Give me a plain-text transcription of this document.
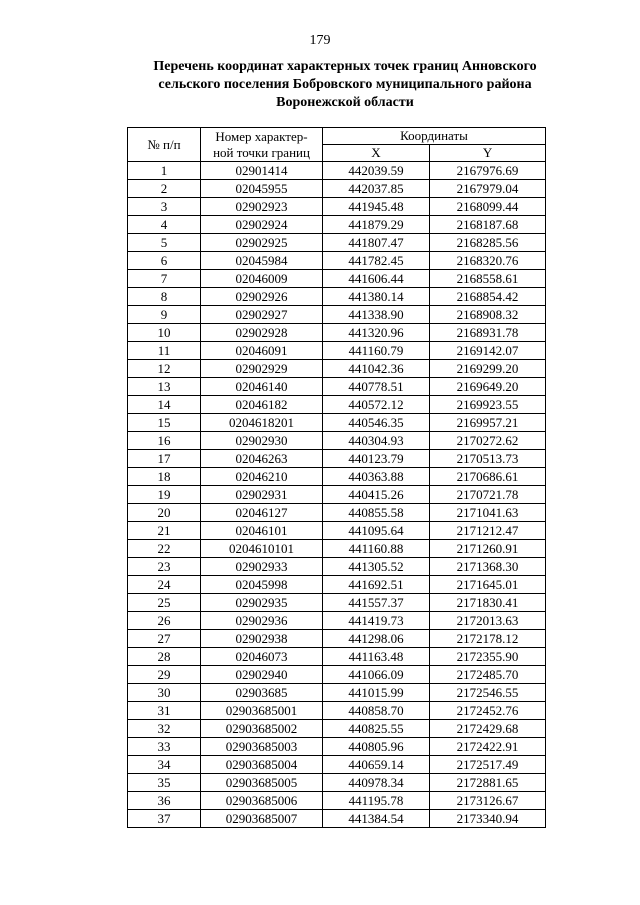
179
Перечень координат характерных точек границ Анновского
сельского поселения Бобровского муниципального района
Воронежской области
№ п/п	Номер характер-
ной точки границ	Координаты	
		X	Y
1	02901414	442039.59	2167976.69
2	02045955	442037.85	2167979.04
3	02902923	441945.48	2168099.44
4	02902924	441879.29	2168187.68
5	02902925	441807.47	2168285.56
6	02045984	441782.45	2168320.76
7	02046009	441606.44	2168558.61
8	02902926	441380.14	2168854.42
9	02902927	441338.90	2168908.32
10	02902928	441320.96	2168931.78
11	02046091	441160.79	2169142.07
12	02902929	441042.36	2169299.20
13	02046140	440778.51	2169649.20
14	02046182	440572.12	2169923.55
15	0204618201	440546.35	2169957.21
16	02902930	440304.93	2170272.62
17	02046263	440123.79	2170513.73
18	02046210	440363.88	2170686.61
19	02902931	440415.26	2170721.78
20	02046127	440855.58	2171041.63
21	02046101	441095.64	2171212.47
22	0204610101	441160.88	2171260.91
23	02902933	441305.52	2171368.30
24	02045998	441692.51	2171645.01
25	02902935	441557.37	2171830.41
26	02902936	441419.73	2172013.63
27	02902938	441298.06	2172178.12
28	02046073	441163.48	2172355.90
29	02902940	441066.09	2172485.70
30	02903685	441015.99	2172546.55
31	02903685001	440858.70	2172452.76
32	02903685002	440825.55	2172429.68
33	02903685003	440805.96	2172422.91
34	02903685004	440659.14	2172517.49
35	02903685005	440978.34	2172881.65
36	02903685006	441195.78	2173126.67
37	02903685007	441384.54	2173340.94
